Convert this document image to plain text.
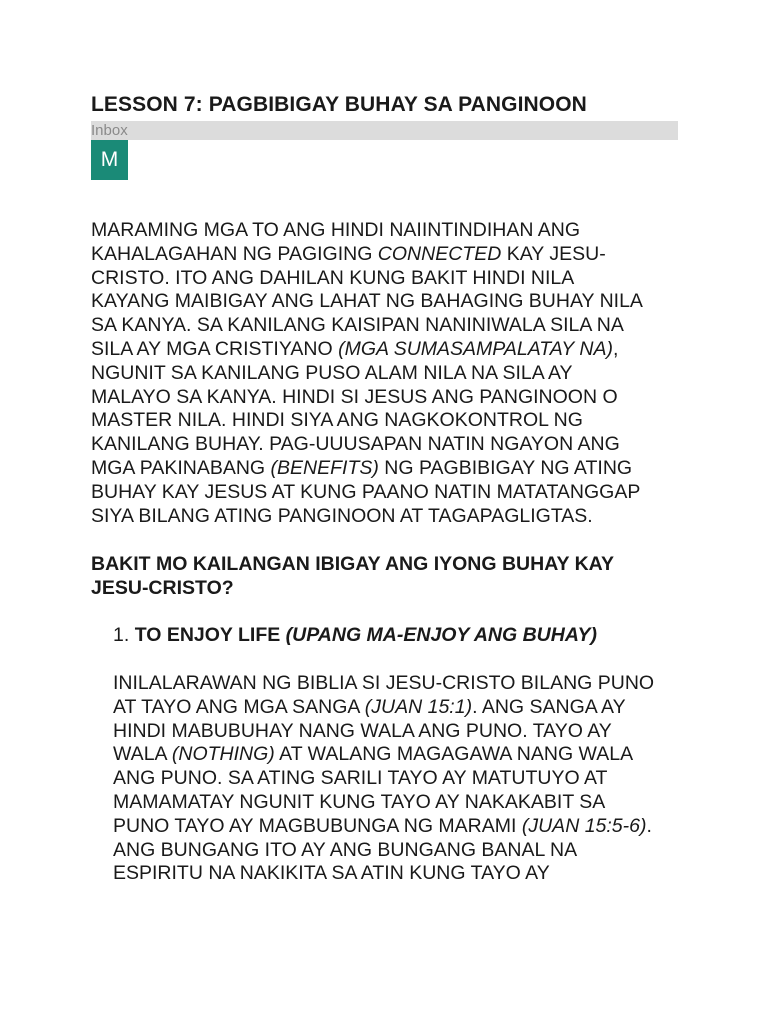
LESSON 7: PAGBIBIGAY BUHAY SA PANGINOON
Inbox
M
MARAMING MGA TO ANG HINDI NAIINTINDIHAN ANG
KAHALAGAHAN NG PAGIGING CONNECTED KAY JESU-
CRISTO. ITO ANG DAHILAN KUNG BAKIT HINDI NILA
KAYANG MAIBIGAY ANG LAHAT NG BAHAGING BUHAY NILA
SA KANYA. SA KANILANG KAISIPAN NANINIWALA SILA NA
SILA AY MGA CRISTIYANO (MGA SUMASAMPALATAY NA),
NGUNIT SA KANILANG PUSO ALAM NILA NA SILA AY
MALAYO SA KANYA. HINDI SI JESUS ANG PANGINOON O
MASTER NILA. HINDI SIYA ANG NAGKOKONTROL NG
KANILANG BUHAY. PAG-UUUSAPAN NATIN NGAYON ANG
MGA PAKINABANG (BENEFITS) NG PAGBIBIGAY NG ATING
BUHAY KAY JESUS AT KUNG PAANO NATIN MATATANGGAP
SIYA BILANG ATING PANGINOON AT TAGAPAGLIGTAS.
BAKIT MO KAILANGAN IBIGAY ANG IYONG BUHAY KAY
JESU-CRISTO?
1. TO ENJOY LIFE (UPANG MA-ENJOY ANG BUHAY)
INILALARAWAN NG BIBLIA SI JESU-CRISTO BILANG PUNO
AT TAYO ANG MGA SANGA (JUAN 15:1). ANG SANGA AY
HINDI MABUBUHAY NANG WALA ANG PUNO. TAYO AY
WALA (NOTHING) AT WALANG MAGAGAWA NANG WALA
ANG PUNO. SA ATING SARILI TAYO AY MATUTUYO AT
MAMAMATAY NGUNIT KUNG TAYO AY NAKAKABIT SA
PUNO TAYO AY MAGBUBUNGA NG MARAMI (JUAN 15:5-6).
ANG BUNGANG ITO AY ANG BUNGANG BANAL NA
ESPIRITU NA NAKIKITA SA ATIN KUNG TAYO AY
